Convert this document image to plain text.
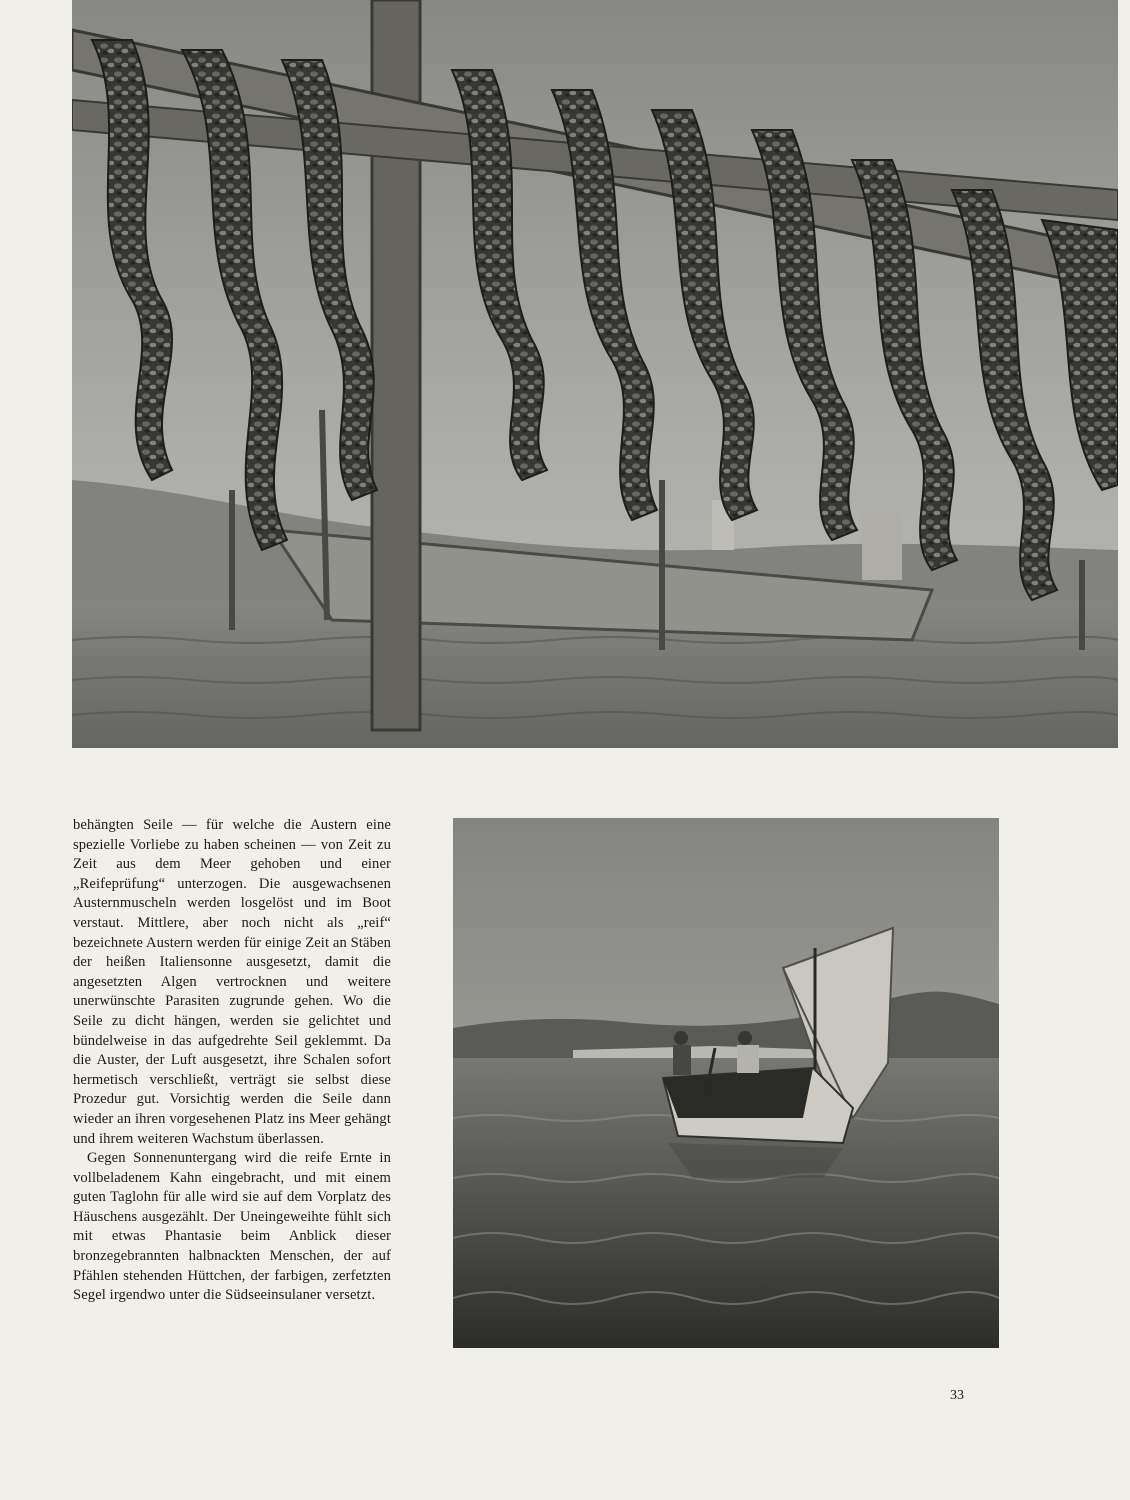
behängten Seile — für welche die Austern eine spezielle Vorliebe zu haben scheinen — von Zeit zu Zeit aus dem Meer gehoben und einer „Reifeprüfung“ unterzogen. Die ausgewachsenen Austernmuscheln werden losgelöst und im Boot verstaut. Mittlere, aber noch nicht als „reif“ bezeichnete Austern werden für einige Zeit an Stäben der heißen Italiensonne ausgesetzt, damit die angesetzten Algen vertrocknen und weitere unerwünschte Parasiten zugrunde gehen. Wo die Seile zu dicht hängen, werden sie gelichtet und bündelweise in das aufgedrehte Seil geklemmt. Da die Auster, der Luft ausgesetzt, ihre Schalen sofort hermetisch verschließt, verträgt sie selbst diese Prozedur gut. Vorsichtig werden die Seile dann wieder an ihren vorgesehenen Platz ins Meer gehängt und ihrem weiteren Wachstum überlassen.

Gegen Sonnenuntergang wird die reife Ernte in vollbeladenem Kahn eingebracht, und mit einem guten Taglohn für alle wird sie auf dem Vorplatz des Häuschens ausgezählt. Der Uneingeweihte fühlt sich mit etwas Phantasie beim Anblick dieser bronzegebrannten halbnackten Menschen, der auf Pfählen stehenden Hüttchen, der farbigen, zerfetzten Segel irgendwo unter die Südseeinsulaner versetzt.

33
